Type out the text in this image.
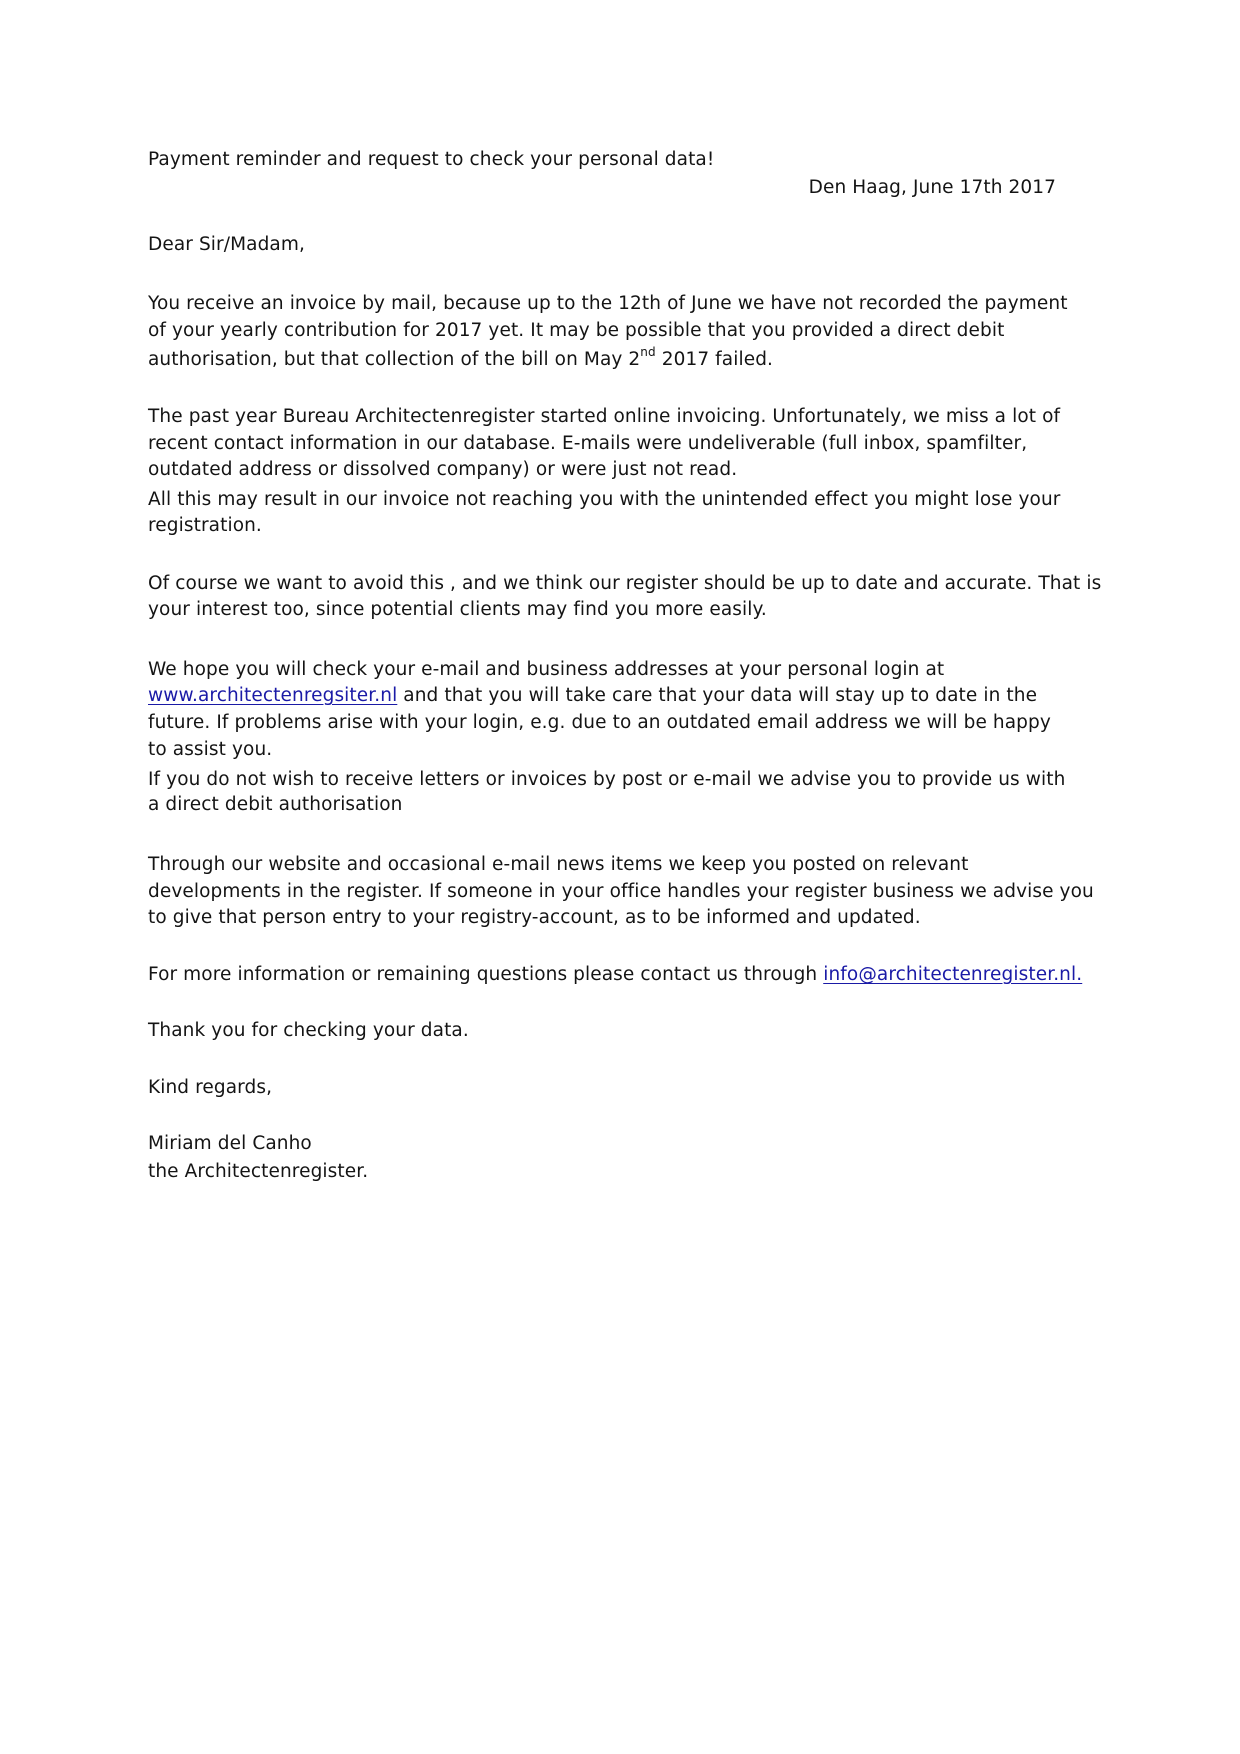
Payment reminder and request to check your personal data!
Den Haag, June 17th 2017
Dear Sir/Madam,
You receive an invoice by mail, because up to the 12th of June we have not recorded the payment
of your yearly contribution for 2017 yet. It may be possible that you provided a direct debit
authorisation, but that collection of the bill on May 2nd 2017 failed.
The past year Bureau Architectenregister started online invoicing. Unfortunately, we miss a lot of
recent contact information in our database. E-mails were undeliverable (full inbox, spamfilter,
outdated address or dissolved company) or were just not read.
All this may result in our invoice not reaching you with the unintended effect you might lose your
registration.
Of course we want to avoid this , and we think our register should be up to date and accurate. That is
your interest too, since potential clients may find you more easily.
We hope you will check your e-mail and business addresses at your personal login at
www.architectenregsiter.nl and that you will take care that your data will stay up to date in the
future. If problems arise with your login, e.g. due to an outdated email address we will be happy
to assist you.
If you do not wish to receive letters or invoices by post or e-mail we advise you to provide us with
a direct debit authorisation
Through our website and occasional e-mail news items we keep you posted on relevant
developments in the register. If someone in your office handles your register business we advise you
to give that person entry to your registry-account, as to be informed and updated.
For more information or remaining questions please contact us through info@architectenregister.nl.
Thank you for checking your data.
Kind regards,
Miriam del Canho
the Architectenregister.
